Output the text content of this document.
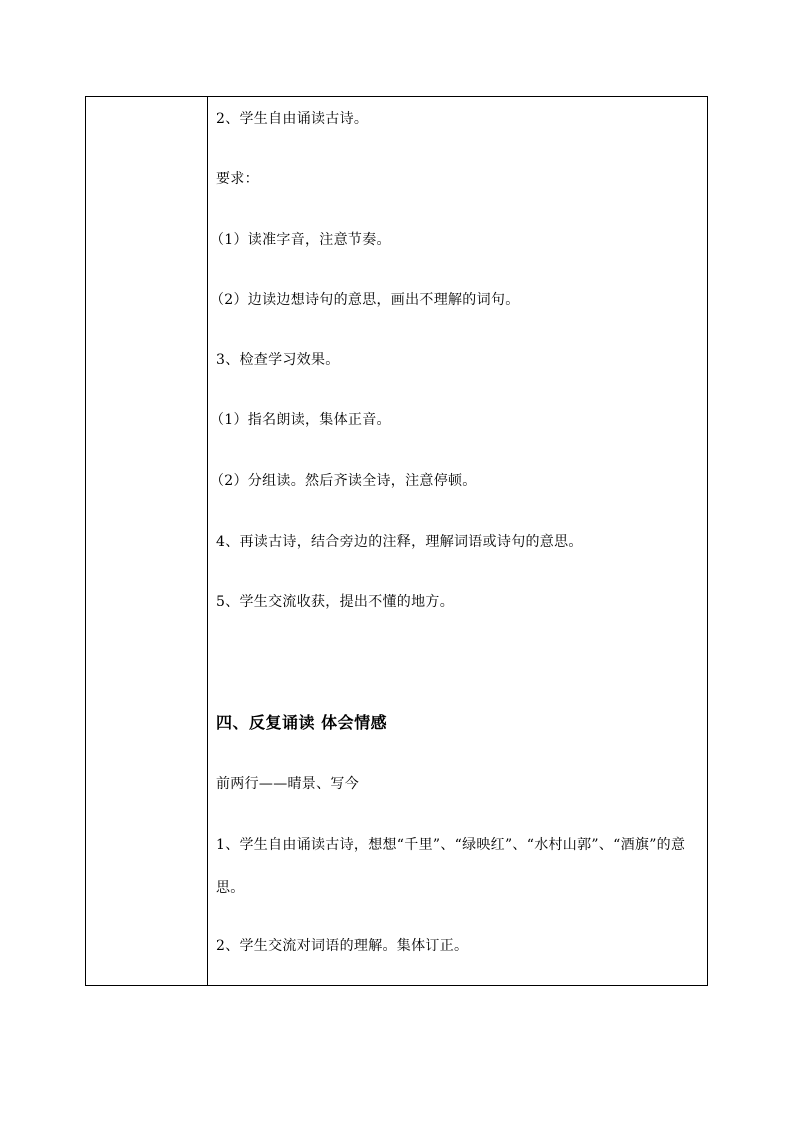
2、学生自由诵读古诗。
要求：
（1）读准字音，注意节奏。
（2）边读边想诗句的意思，画出不理解的词句。
3、检查学习效果。
（1）指名朗读，集体正音。
（2）分组读。然后齐读全诗，注意停顿。
4、再读古诗，结合旁边的注释，理解词语或诗句的意思。
5、学生交流收获，提出不懂的地方。
四、反复诵读 体会情感
前两行——晴景、写今
1、学生自由诵读古诗，想想“千里”、“绿映红”、“水村山郭”、“酒旗”的意思。
2、学生交流对词语的理解。集体订正。
